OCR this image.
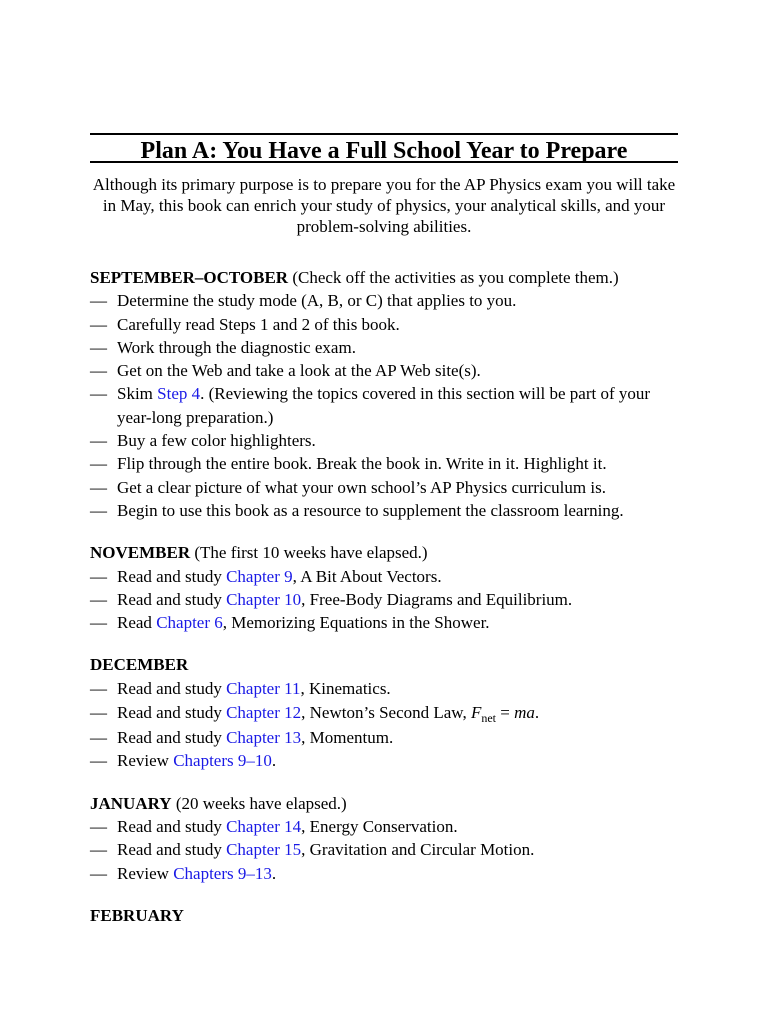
Plan A: You Have a Full School Year to Prepare

Although its primary purpose is to prepare you for the AP Physics exam you will take in May, this book can enrich your study of physics, your analytical skills, and your problem-solving abilities.

SEPTEMBER–OCTOBER (Check off the activities as you complete them.)
— Determine the study mode (A, B, or C) that applies to you.
— Carefully read Steps 1 and 2 of this book.
— Work through the diagnostic exam.
— Get on the Web and take a look at the AP Web site(s).
— Skim Step 4. (Reviewing the topics covered in this section will be part of your year-long preparation.)
— Buy a few color highlighters.
— Flip through the entire book. Break the book in. Write in it. Highlight it.
— Get a clear picture of what your own school’s AP Physics curriculum is.
— Begin to use this book as a resource to supplement the classroom learning.
NOVEMBER (The first 10 weeks have elapsed.)
— Read and study Chapter 9, A Bit About Vectors.
— Read and study Chapter 10, Free-Body Diagrams and Equilibrium.
— Read Chapter 6, Memorizing Equations in the Shower.
DECEMBER
— Read and study Chapter 11, Kinematics.
— Read and study Chapter 12, Newton’s Second Law, $F_{net}$ = ma.
— Read and study Chapter 13, Momentum.
— Review Chapters 9–10.
JANUARY (20 weeks have elapsed.)
— Read and study Chapter 14, Energy Conservation.
— Read and study Chapter 15, Gravitation and Circular Motion.
— Review Chapters 9–13.
FEBRUARY
